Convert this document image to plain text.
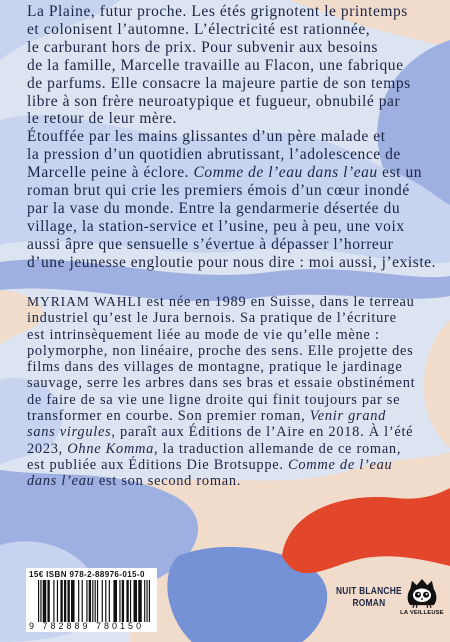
La Plaine, futur proche. Les étés grignotent le printemps
et colonisent l’automne. L’électricité est rationnée,
le carburant hors de prix. Pour subvenir aux besoins
de la famille, Marcelle travaille au Flacon, une fabrique
de parfums. Elle consacre la majeure partie de son temps
libre à son frère neuroatypique et fugueur, obnubilé par
le retour de leur mère.
Étouffée par les mains glissantes d’un père malade et
la pression d’un quotidien abrutissant, l’adolescence de
Marcelle peine à éclore. Comme de l’eau dans l’eau est un
roman brut qui crie les premiers émois d’un cœur inondé
par la vase du monde. Entre la gendarmerie désertée du
village, la station-service et l’usine, peu à peu, une voix
aussi âpre que sensuelle s’évertue à dépasser l’horreur
d’une jeunesse engloutie pour nous dire : moi aussi, j’existe.
MYRIAM WAHLI est née en 1989 en Suisse, dans le terreau
industriel qu’est le Jura bernois. Sa pratique de l’écriture
est intrinsèquement liée au mode de vie qu’elle mène :
polymorphe, non linéaire, proche des sens. Elle projette des
films dans des villages de montagne, pratique le jardinage
sauvage, serre les arbres dans ses bras et essaie obstinément
de faire de sa vie une ligne droite qui finit toujours par se
transformer en courbe. Son premier roman, Venir grand
sans virgules, paraît aux Éditions de l’Aire en 2018. À l’été
2023, Ohne Komma, la traduction allemande de ce roman,
est publiée aux Éditions Die Brotsuppe. Comme de l’eau
dans l’eau est son second roman.
15€ ISBN 978-2-88976-015-0
9 782889 780150
NUIT BLANCHE
ROMAN
LA VEILLEUSE
